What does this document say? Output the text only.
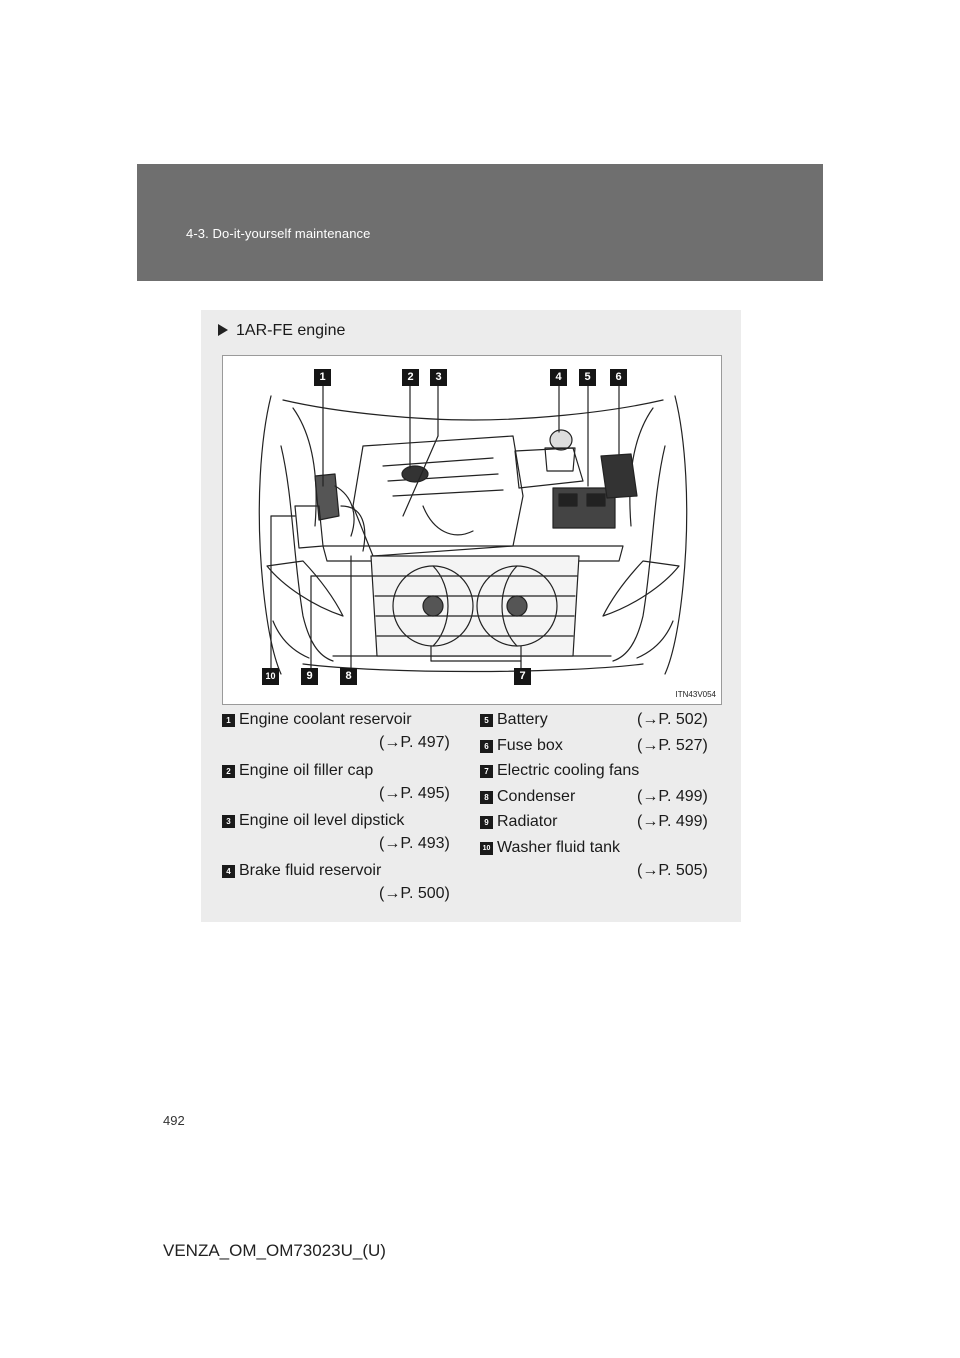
4-3. Do-it-yourself maintenance
1AR-FE engine
1	2	3	4	5	6
7
8
9
10
ITN43V054
1 Engine coolant reservoir
(→P. 497)
2 Engine oil filler cap
(→P. 495)
3 Engine oil level dipstick
(→P. 493)
4 Brake fluid reservoir
(→P. 500)
5 Battery	(→P. 502)
6 Fuse box	(→P. 527)
7 Electric cooling fans
8 Condenser	(→P. 499)
9 Radiator	(→P. 499)
10 Washer fluid tank
(→P. 505)
492
VENZA_OM_OM73023U_(U)
